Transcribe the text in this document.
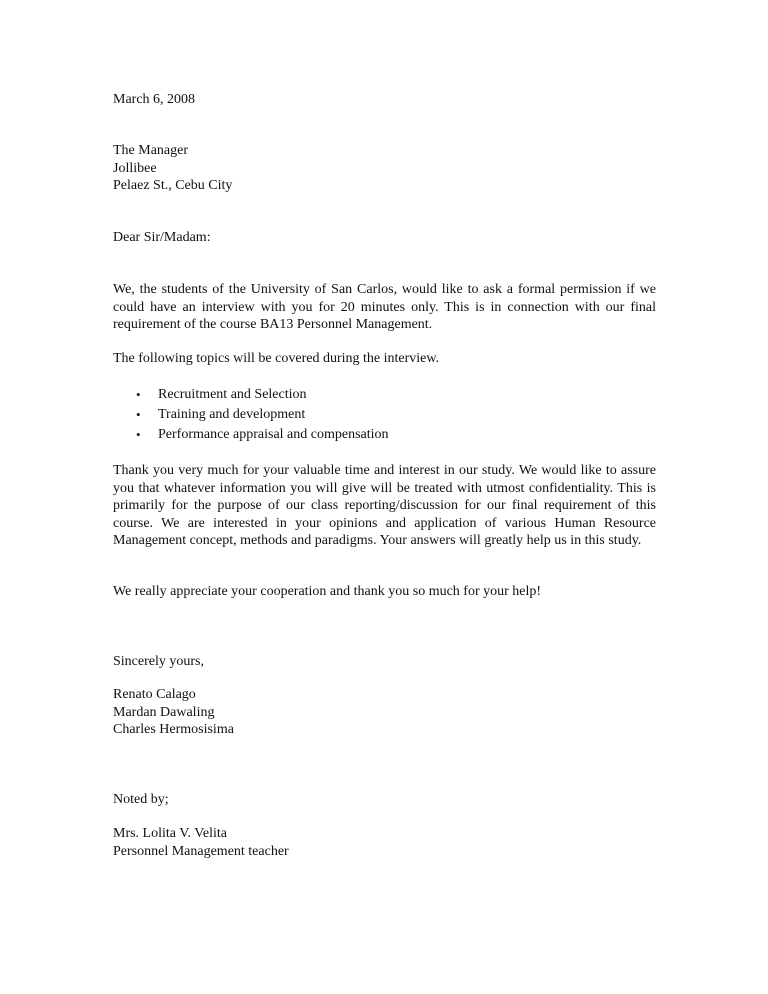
March 6, 2008
The Manager
Jollibee
Pelaez St., Cebu City
Dear Sir/Madam:
We, the students of the University of San Carlos, would like to ask a formal permission if we could have an interview with you for 20 minutes only. This is in connection with our final requirement of the course BA13 Personnel Management.
The following topics will be covered during the interview.
• Recruitment and Selection
• Training and development
• Performance appraisal and compensation
Thank you very much for your valuable time and interest in our study. We would like to assure you that whatever information you will give will be treated with utmost confidentiality. This is primarily for the purpose of our class reporting/discussion for our final requirement of this course. We are interested in your opinions and application of various Human Resource Management concept, methods and paradigms. Your answers will greatly help us in this study.
We really appreciate your cooperation and thank you so much for your help!
Sincerely yours,
Renato Calago
Mardan Dawaling
Charles Hermosisima
Noted by;
Mrs. Lolita V. Velita
Personnel Management teacher
